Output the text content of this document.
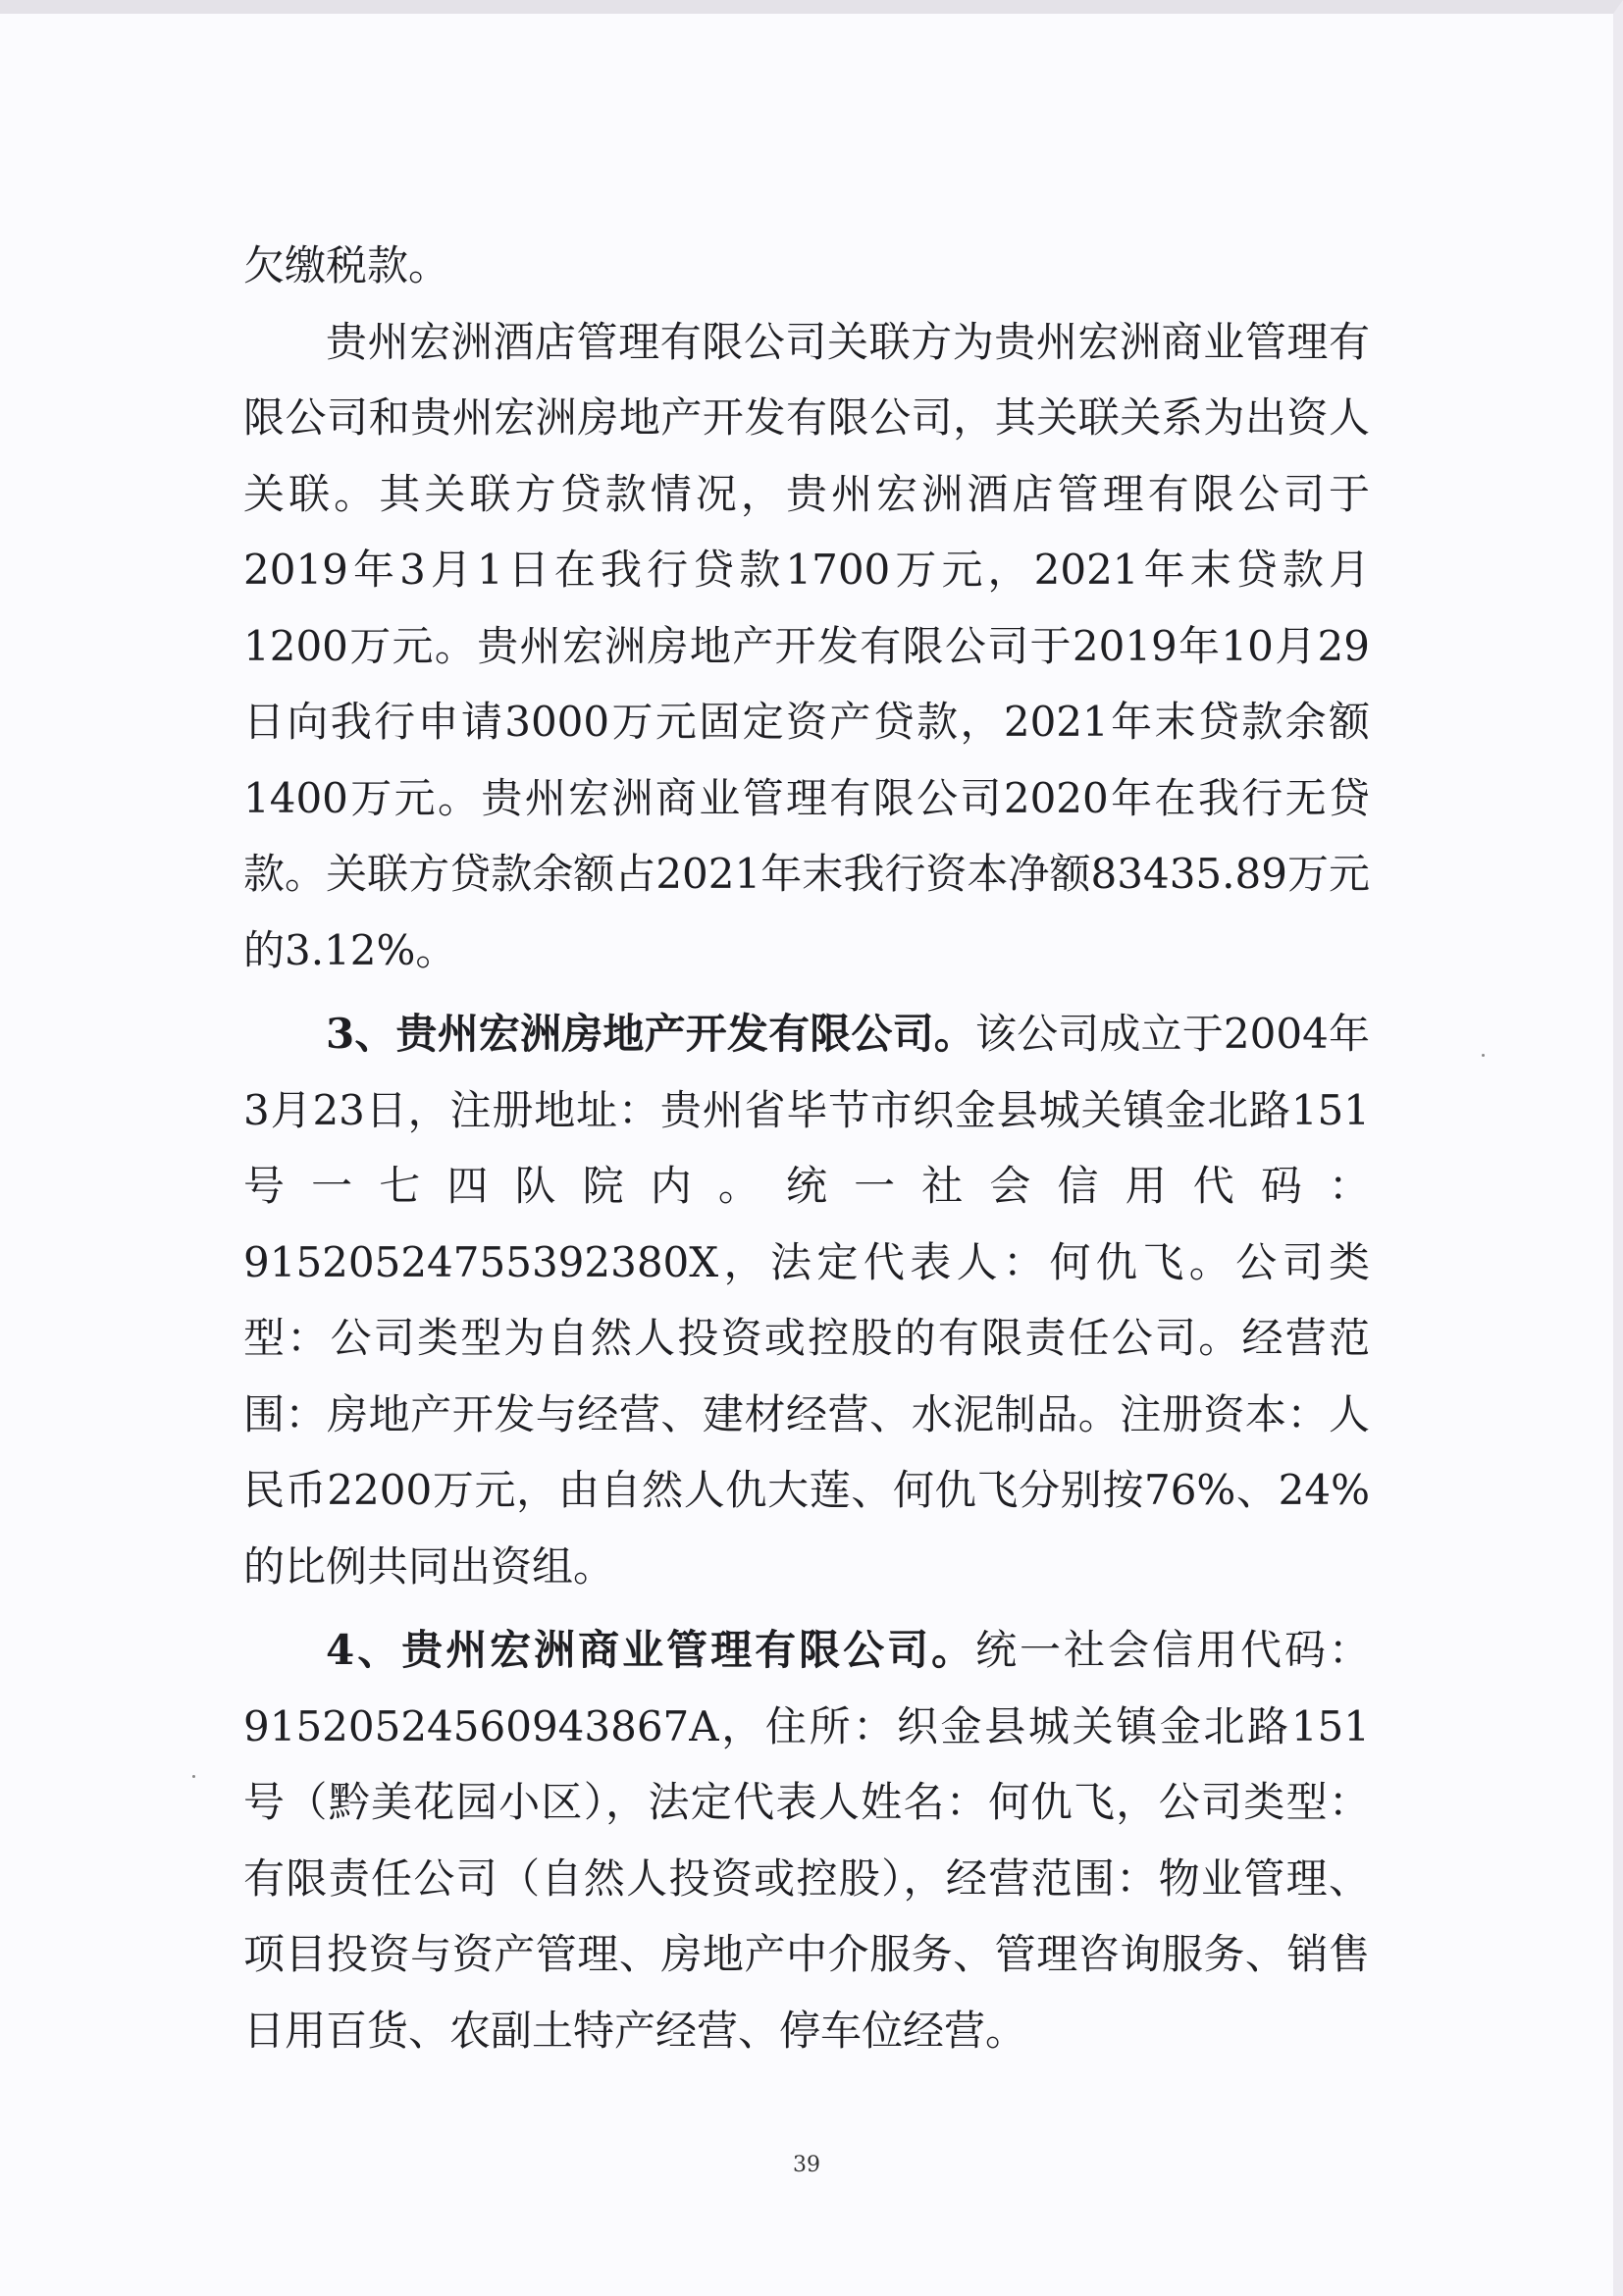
欠缴税款。

贵州宏洲酒店管理有限公司关联方为贵州宏洲商业管理有限公司和贵州宏洲房地产开发有限公司，其关联关系为出资人关联。其关联方贷款情况，贵州宏洲酒店管理有限公司于2019年3月1日在我行贷款1700万元，2021年末贷款月1200万元。贵州宏洲房地产开发有限公司于2019年10月29日向我行申请3000万元固定资产贷款，2021年末贷款余额1400万元。贵州宏洲商业管理有限公司2020年在我行无贷款。关联方贷款余额占2021年末我行资本净额83435.89万元的3.12%。

3、贵州宏洲房地产开发有限公司。该公司成立于2004年3月23日，注册地址：贵州省毕节市织金县城关镇金北路151号一七四队院内。统一社会信用代码：91520524755392380X，法定代表人：何仇飞。公司类型：公司类型为自然人投资或控股的有限责任公司。经营范围：房地产开发与经营、建材经营、水泥制品。注册资本：人民币2200万元，由自然人仇大莲、何仇飞分别按76%、24%的比例共同出资组。

4、贵州宏洲商业管理有限公司。统一社会信用代码：91520524560943867A，住所：织金县城关镇金北路151号（黔美花园小区），法定代表人姓名：何仇飞，公司类型：有限责任公司（自然人投资或控股），经营范围：物业管理、项目投资与资产管理、房地产中介服务、管理咨询服务、销售日用百货、农副土特产经营、停车位经营。

39
